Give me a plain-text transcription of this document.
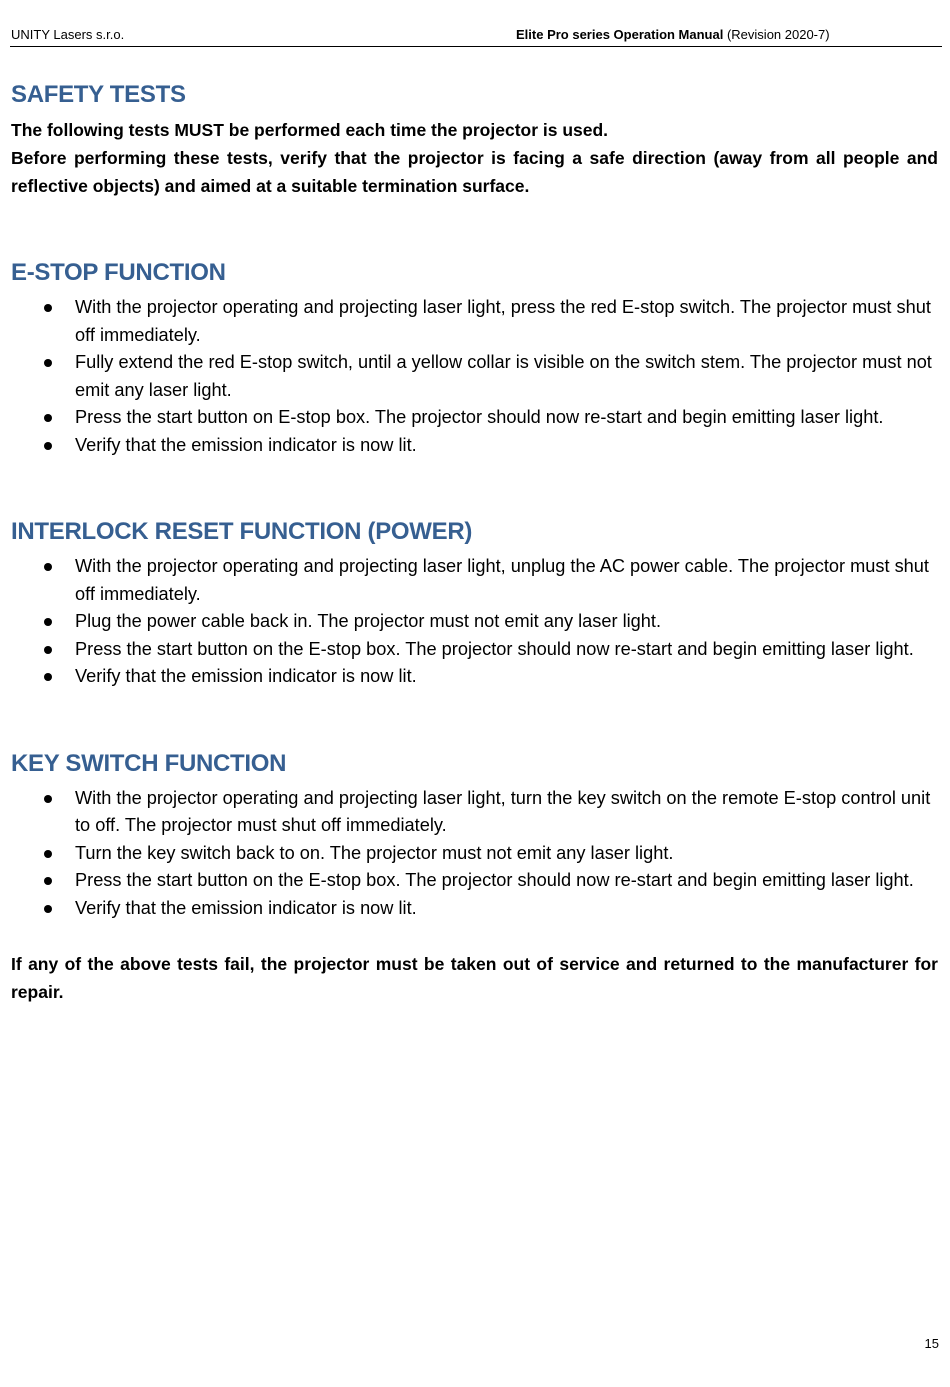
UNITY Lasers s.r.o.	Elite Pro series Operation Manual (Revision 2020-7)
SAFETY TESTS

The following tests MUST be performed each time the projector is used.

Before performing these tests, verify that the projector is facing a safe direction (away from all people and reflective objects) and aimed at a suitable termination surface.

E-STOP FUNCTION
With the projector operating and projecting laser light, press the red E-stop switch. The projector must shut off immediately.
Fully extend the red E-stop switch, until a yellow collar is visible on the switch stem. The projector must not emit any laser light.
Press the start button on E-stop box. The projector should now re-start and begin emitting laser light.
Verify that the emission indicator is now lit.
INTERLOCK RESET FUNCTION (POWER)
With the projector operating and projecting laser light, unplug the AC power cable. The projector must shut off immediately.
Plug the power cable back in. The projector must not emit any laser light.
Press the start button on the E-stop box. The projector should now re-start and begin emitting laser light.
Verify that the emission indicator is now lit.
KEY SWITCH FUNCTION
With the projector operating and projecting laser light, turn the key switch on the remote E-stop control unit to off. The projector must shut off immediately.
Turn the key switch back to on. The projector must not emit any laser light.
Press the start button on the E-stop box. The projector should now re-start and begin emitting laser light.
Verify that the emission indicator is now lit.

If any of the above tests fail, the projector must be taken out of service and returned to the manufacturer for repair.

15
